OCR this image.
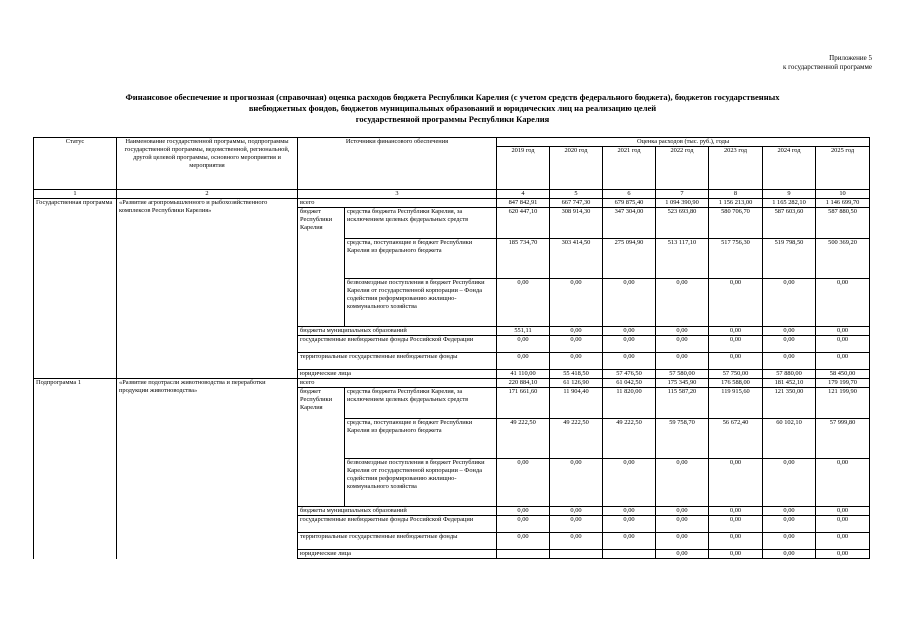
Приложение 5
к государственной программе
Финансовое обеспечение и прогнозная (справочная) оценка расходов бюджета Республики Карелия (с учетом средств федерального бюджета), бюджетов государственных
внебюджетных фондов, бюджетов муниципальных образований и юридических лиц на реализацию целей
государственной программы Республики Карелия
Статус	Наименование государственной программы, подпрограммы государственной программы, ведомственной, региональной, другой целевой программы, основного мероприятия и мероприятия	Источники финансового обеспечения		Оценка расходов (тыс. руб.), годы						
				2019 год	2020 год	2021 год	2022 год	2023 год	2024 год	2025 год
1	2	3		4	5	6	7	8	9	10
Государственная программа	«Развитие агропромышленного и рыбохозяйственного комплексов Республики Карелия»	всего		847 842,91	667 747,30	679 875,40	1 094 390,90	1 156 213,00	1 165 282,10	1 146 699,70
		бюджет Республики Карелия	средства бюджета Республики Карелия, за исключением целевых федеральных средств	620 447,10	308 914,30	347 304,00	523 693,80	580 706,70	587 603,60	587 880,50
			средства, поступающие в бюджет Республики Карелия из федерального бюджета	185 734,70	303 414,50	275 094,90	513 117,10	517 756,30	519 798,50	500 369,20
			безвозмездные поступления в бюджет Республики Карелия от государственной корпорации – Фонда содействия реформированию жилищно-коммунального хозяйства	0,00	0,00	0,00	0,00	0,00	0,00	0,00
		бюджеты муниципальных образований		551,11	0,00	0,00	0,00	0,00	0,00	0,00
		государственные внебюджетные фонды Российской Федерации		0,00	0,00	0,00	0,00	0,00	0,00	0,00
		территориальные государственные внебюджетные фонды		0,00	0,00	0,00	0,00	0,00	0,00	0,00
		юридические лица		41 110,00	55 418,50	57 476,50	57 580,00	57 750,00	57 880,00	58 450,00
Подпрограмма 1	«Развитие подотрасли животноводства и переработки продукции животноводства»	всего		220 884,10	61 126,90	61 042,50	175 345,90	176 588,00	181 452,10	179 199,70
		бюджет Республики Карелия	средства бюджета Республики Карелия, за исключением целевых федеральных средств	171 661,60	11 904,40	11 820,00	115 587,20	119 915,60	121 350,00	121 199,90
			средства, поступающие в бюджет Республики Карелия из федерального бюджета	49 222,50	49 222,50	49 222,50	59 758,70	56 672,40	60 102,10	57 999,80
			безвозмездные поступления в бюджет Республики Карелия от государственной корпорации – Фонда содействия реформированию жилищно-коммунального хозяйства	0,00	0,00	0,00	0,00	0,00	0,00	0,00
		бюджеты муниципальных образований		0,00	0,00	0,00	0,00	0,00	0,00	0,00
		государственные внебюджетные фонды Российской Федерации		0,00	0,00	0,00	0,00	0,00	0,00	0,00
		территориальные государственные внебюджетные фонды		0,00	0,00	0,00	0,00	0,00	0,00	0,00
		юридические лица					0,00	0,00	0,00	0,00
